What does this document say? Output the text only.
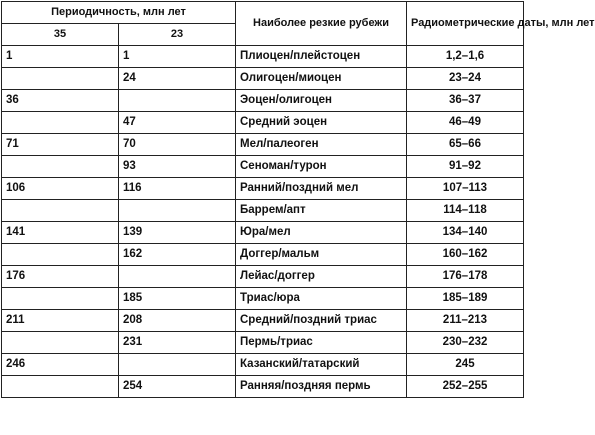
Периодичность, млн лет		Наиболее резкие рубежи	Радиометрические даты, млн лет
35	23		
1	1	Плиоцен/плейстоцен	1,2–1,6
	24	Олигоцен/миоцен	23–24
36		Эоцен/олигоцен	36–37
	47	Средний эоцен	46–49
71	70	Мел/палеоген	65–66
	93	Сеноман/турон	91–92
106	116	Ранний/поздний мел	107–113
		Баррем/апт	114–118
141	139	Юра/мел	134–140
	162	Доггер/мальм	160–162
176		Лейас/доггер	176–178
	185	Триас/юра	185–189
211	208	Средний/поздний триас	211–213
	231	Пермь/триас	230–232
246		Казанский/татарский	245
	254	Ранняя/поздняя пермь	252–255
